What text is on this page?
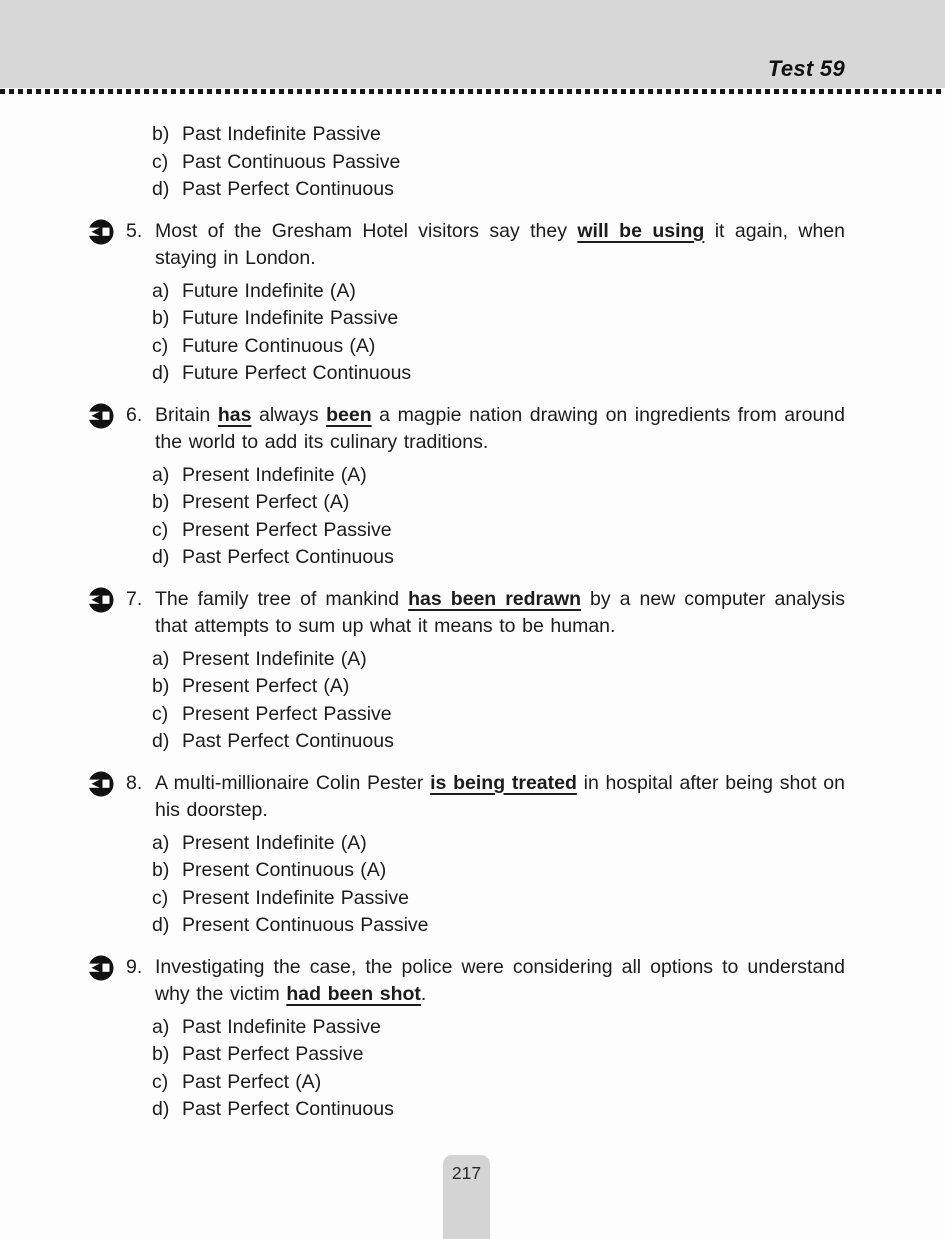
Test 59
b) Past Indefinite Passive
c) Past Continuous Passive
d) Past Perfect Continuous
5. Most of the Gresham Hotel visitors say they will be using it again, when staying in London.
a) Future Indefinite (A)
b) Future Indefinite Passive
c) Future Continuous (A)
d) Future Perfect Continuous
6. Britain has always been a magpie nation drawing on ingredients from around the world to add its culinary traditions.
a) Present Indefinite (A)
b) Present Perfect (A)
c) Present Perfect Passive
d) Past Perfect Continuous
7. The family tree of mankind has been redrawn by a new computer analysis that attempts to sum up what it means to be human.
a) Present Indefinite (A)
b) Present Perfect (A)
c) Present Perfect Passive
d) Past Perfect Continuous
8. A multi-millionaire Colin Pester is being treated in hospital after being shot on his doorstep.
a) Present Indefinite (A)
b) Present Continuous (A)
c) Present Indefinite Passive
d) Present Continuous Passive
9. Investigating the case, the police were considering all options to understand why the victim had been shot.
a) Past Indefinite Passive
b) Past Perfect Passive
c) Past Perfect (A)
d) Past Perfect Continuous
217
